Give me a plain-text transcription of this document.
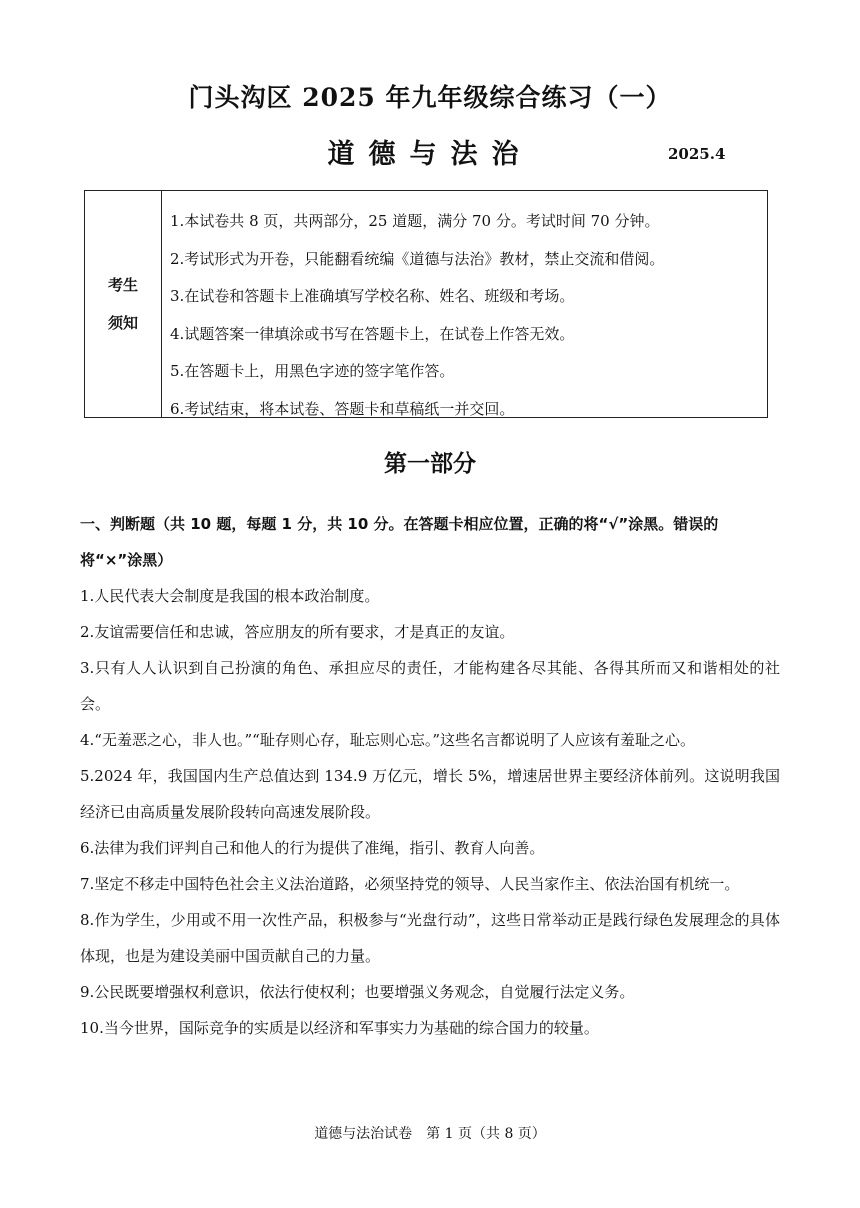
门头沟区 2025 年九年级综合练习（一）
道德与法治	2025.4
考生
须知
1.本试卷共 8 页，共两部分，25 道题，满分 70 分。考试时间 70 分钟。
2.考试形式为开卷，只能翻看统编《道德与法治》教材，禁止交流和借阅。
3.在试卷和答题卡上准确填写学校名称、姓名、班级和考场。
4.试题答案一律填涂或书写在答题卡上，在试卷上作答无效。
5.在答题卡上，用黑色字迹的签字笔作答。
6.考试结束，将本试卷、答题卡和草稿纸一并交回。
第一部分
一、判断题（共 10 题，每题 1 分，共 10 分。在答题卡相应位置，正确的将“√”涂黑。错误的将“×”涂黑）
1.人民代表大会制度是我国的根本政治制度。
2.友谊需要信任和忠诚，答应朋友的所有要求，才是真正的友谊。
3.只有人人认识到自己扮演的角色、承担应尽的责任，才能构建各尽其能、各得其所而又和谐相处的社会。
4.“无羞恶之心，非人也。”“耻存则心存，耻忘则心忘。”这些名言都说明了人应该有羞耻之心。
5.2024 年，我国国内生产总值达到 134.9 万亿元，增长 5%，增速居世界主要经济体前列。这说明我国经济已由高质量发展阶段转向高速发展阶段。
6.法律为我们评判自己和他人的行为提供了准绳，指引、教育人向善。
7.坚定不移走中国特色社会主义法治道路，必须坚持党的领导、人民当家作主、依法治国有机统一。
8.作为学生，少用或不用一次性产品，积极参与“光盘行动”，这些日常举动正是践行绿色发展理念的具体体现，也是为建设美丽中国贡献自己的力量。
9.公民既要增强权利意识，依法行使权利；也要增强义务观念，自觉履行法定义务。
10.当今世界，国际竞争的实质是以经济和军事实力为基础的综合国力的较量。
道德与法治试卷　第 1 页（共 8 页）
